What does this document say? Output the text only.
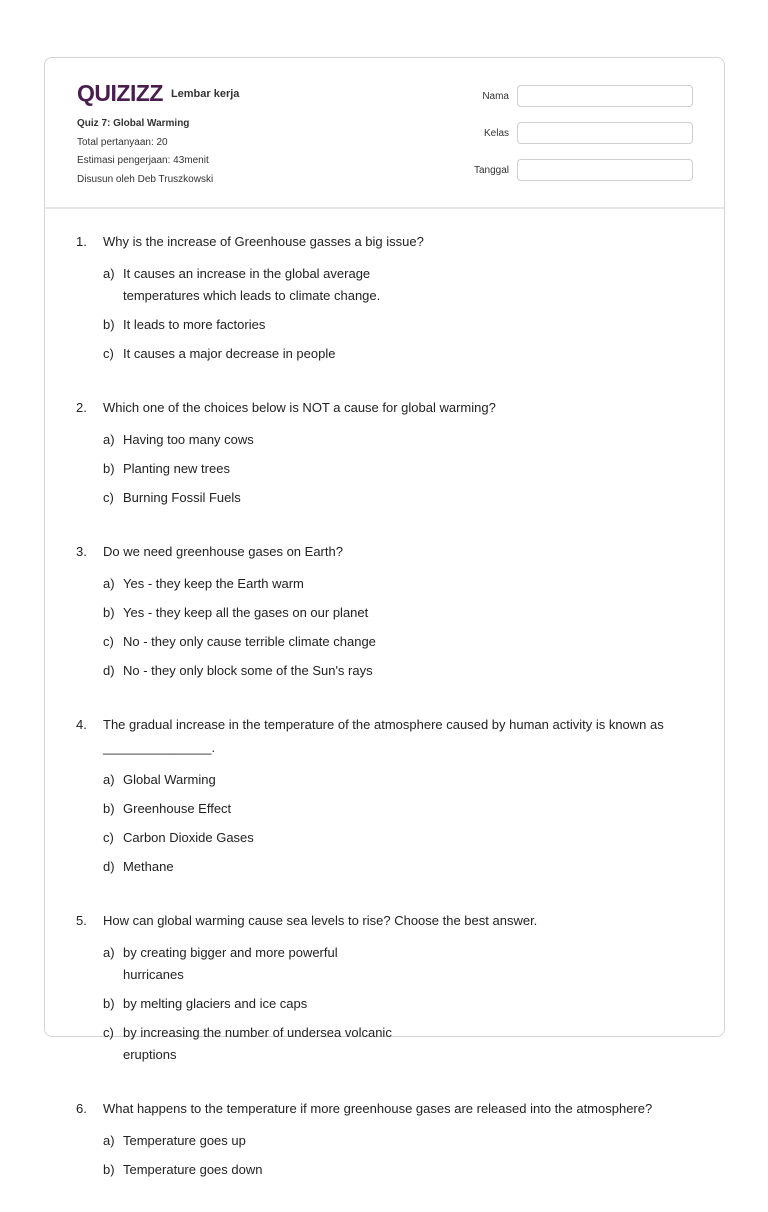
QUIZIZZ Lembar kerja
Quiz 7: Global Warming
Total pertanyaan: 20
Estimasi pengerjaan: 43menit
Disusun oleh Deb Truszkowski
Nama
Kelas
Tanggal
1.	Why is the increase of Greenhouse gasses a big issue?
a) It causes an increase in the global average temperatures which leads to climate change.
b) It leads to more factories
c) It causes a major decrease in people
2.	Which one of the choices below is NOT a cause for global warming?
a) Having too many cows
b) Planting new trees
c) Burning Fossil Fuels
3.	Do we need greenhouse gases on Earth?
a) Yes - they keep the Earth warm
b) Yes - they keep all the gases on our planet
c) No - they only cause terrible climate change
d) No - they only block some of the Sun's rays
4.	The gradual increase in the temperature of the atmosphere caused by human activity is known as _______________.
a) Global Warming
b) Greenhouse Effect
c) Carbon Dioxide Gases
d) Methane
5.	How can global warming cause sea levels to rise? Choose the best answer.
a) by creating bigger and more powerful hurricanes
b) by melting glaciers and ice caps
c) by increasing the number of undersea volcanic eruptions
6.	What happens to the temperature if more greenhouse gases are released into the atmosphere?
a) Temperature goes up
b) Temperature goes down
